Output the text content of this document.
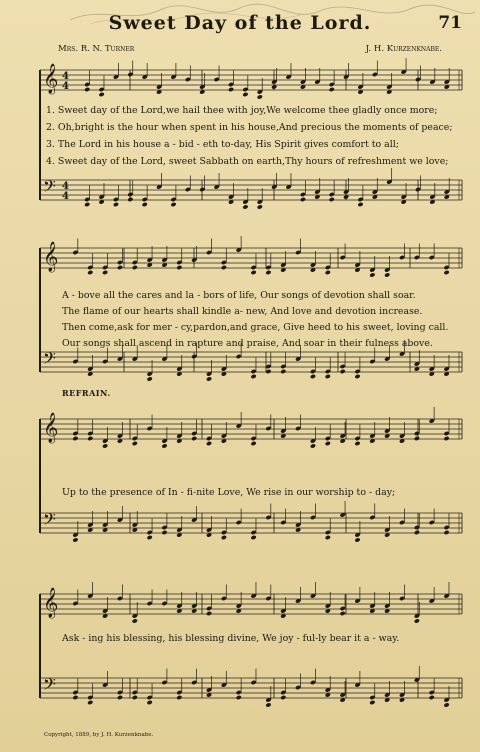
Sweet Day of the Lord.	71
Mrs. R. N. Turner	J. H. Kurzenknabe.
𝄞 4
4
𝄢 4
4
1. Sweet day of the Lord,we hail thee with joy,We welcome thee gladly once more;
2. Oh,bright is the hour when spent in his house,And precious the moments of peace;
3. The Lord in his house a - bid - eth to-day, His Spirit gives comfort to all;
4. Sweet day of the Lord, sweet Sabbath on earth,Thy hours of refreshment we love;
𝄞
𝄢
A - bove all the cares and la - bors of life, Our songs of devotion shall soar.
The flame of our hearts shall kindle a- new, And love and devotion increase.
Then come,ask for mer - cy,pardon,and grace, Give heed to his sweet, loving call.
Our songs shall ascend in rapture and praise, And soar in their fulness above.
REFRAIN.
𝄞
𝄢
Up to the presence of In - fi-nite Love, We rise in our worship to - day;
𝄞
𝄢
Ask - ing his blessing, his blessing divine, We joy - ful-ly bear it a - way.
Copyright, 1889, by J. H. Kurzenknabe.
